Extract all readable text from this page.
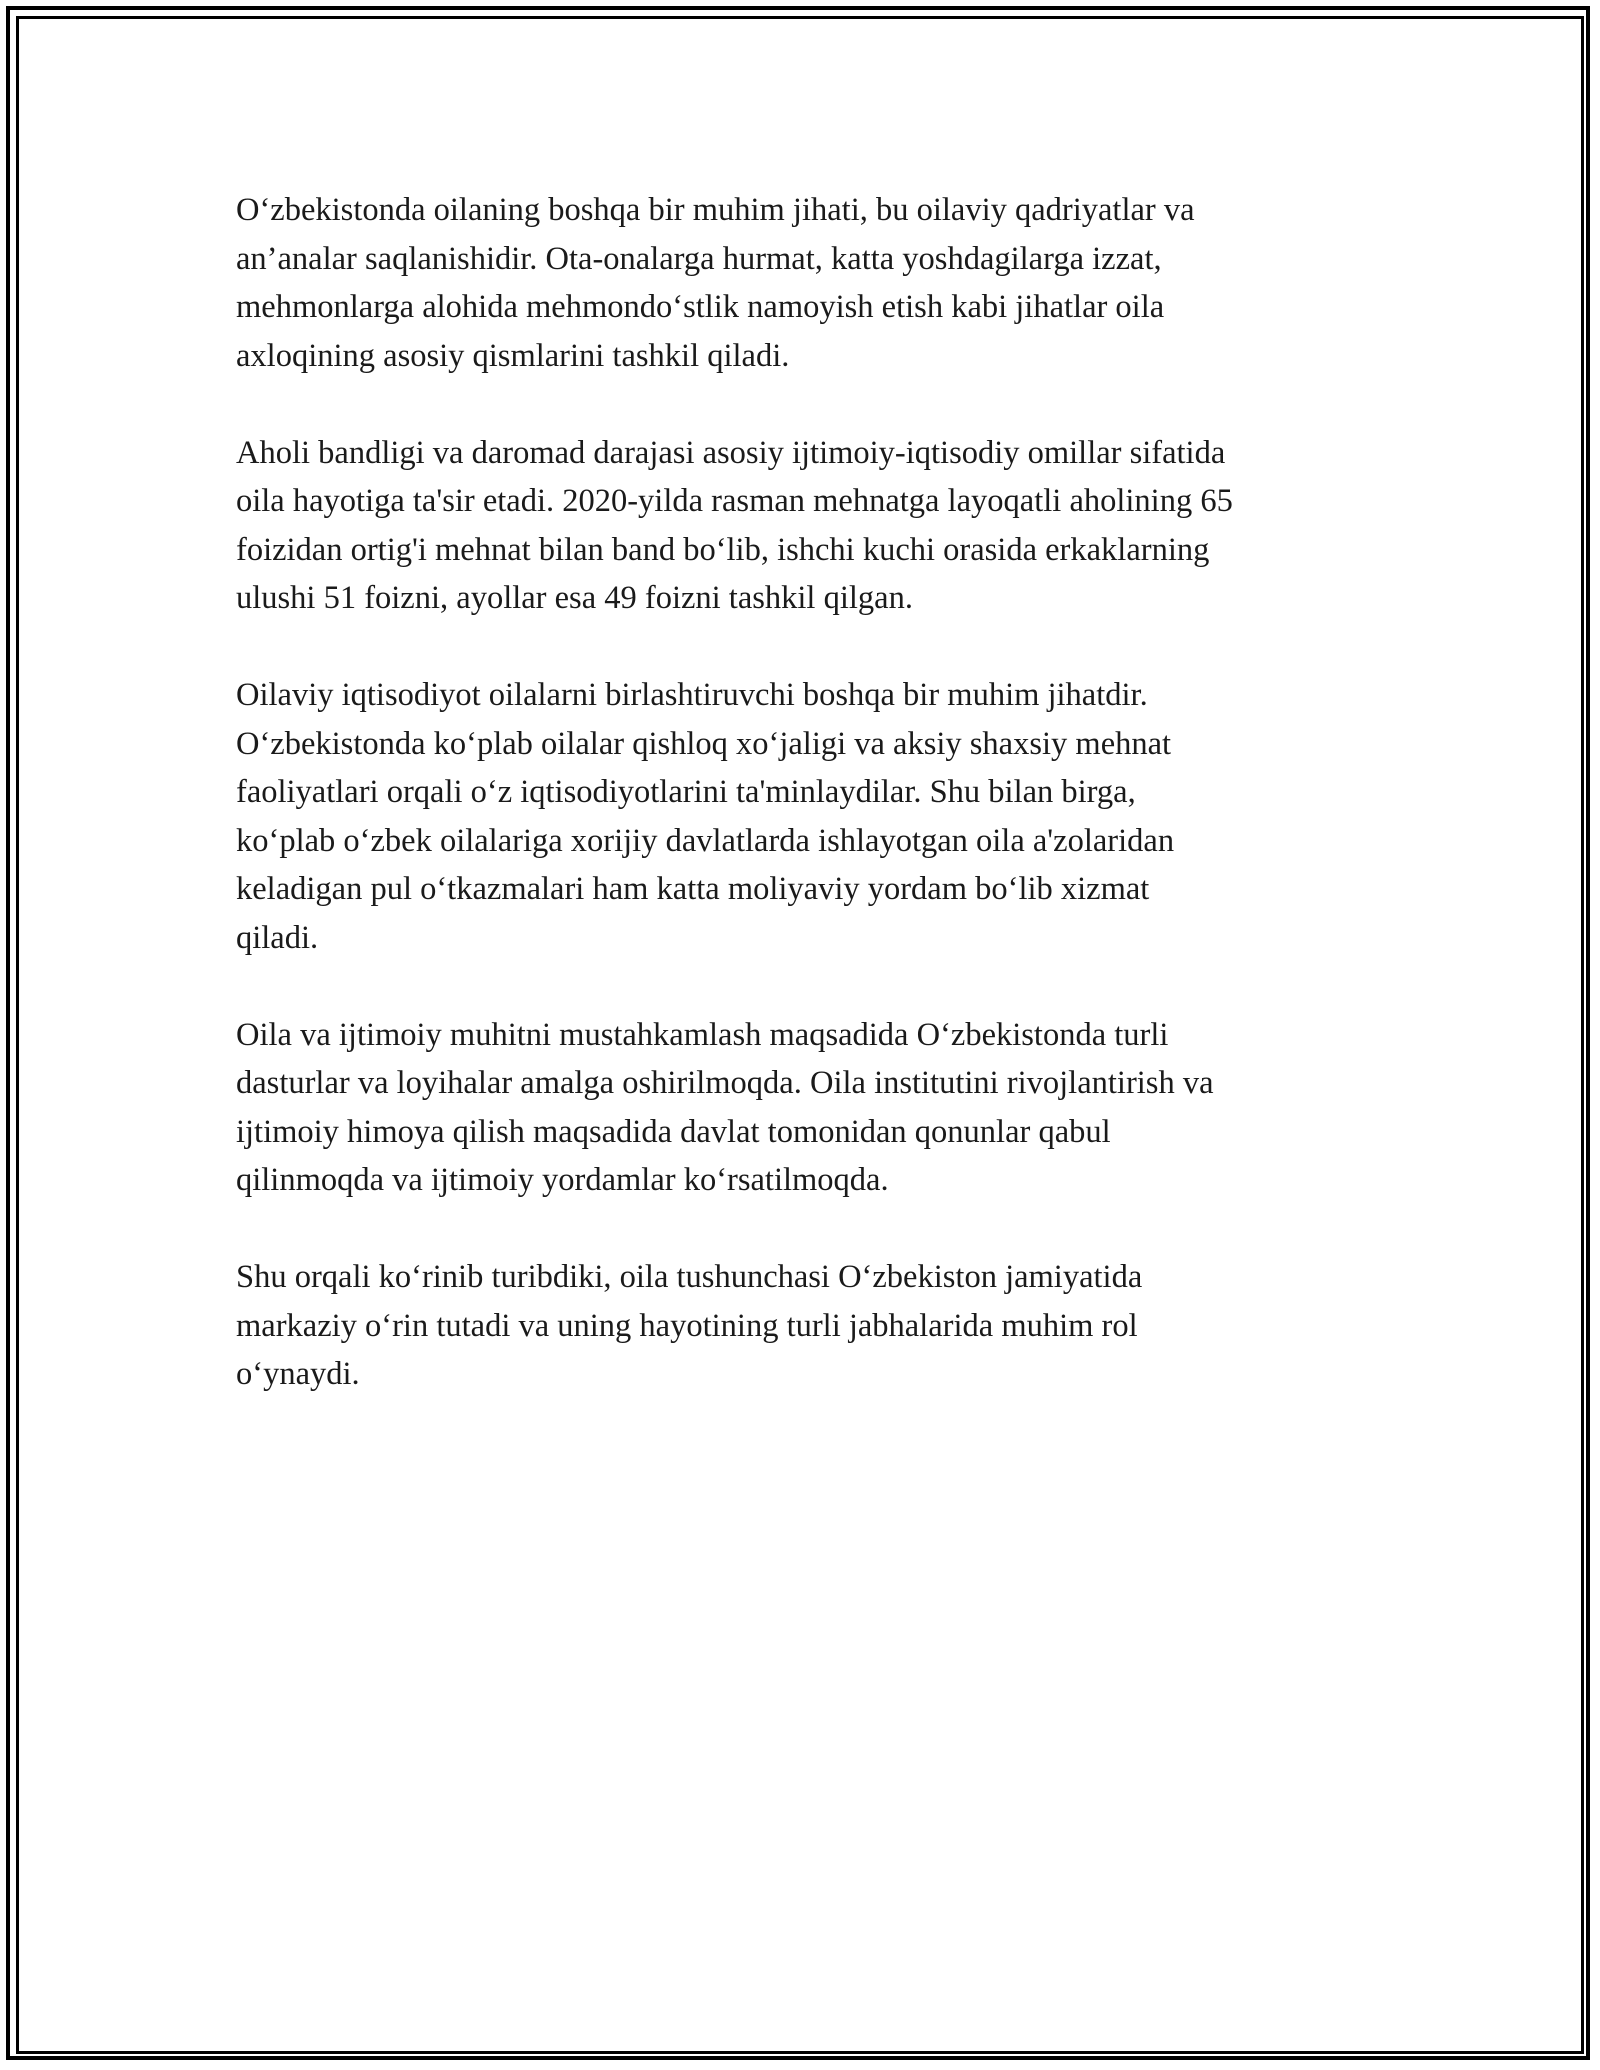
O‘zbekistonda oilaning boshqa bir muhim jihati, bu oilaviy qadriyatlar va
an’analar saqlanishidir. Ota-onalarga hurmat, katta yoshdagilarga izzat,
mehmonlarga alohida mehmondo‘stlik namoyish etish kabi jihatlar oila
axloqining asosiy qismlarini tashkil qiladi.

Aholi bandligi va daromad darajasi asosiy ijtimoiy-iqtisodiy omillar sifatida
oila hayotiga ta'sir etadi. 2020-yilda rasman mehnatga layoqatli aholining 65
foizidan ortig'i mehnat bilan band bo‘lib, ishchi kuchi orasida erkaklarning
ulushi 51 foizni, ayollar esa 49 foizni tashkil qilgan.

Oilaviy iqtisodiyot oilalarni birlashtiruvchi boshqa bir muhim jihatdir.
O‘zbekistonda ko‘plab oilalar qishloq xo‘jaligi va aksiy shaxsiy mehnat
faoliyatlari orqali o‘z iqtisodiyotlarini ta'minlaydilar. Shu bilan birga,
ko‘plab o‘zbek oilalariga xorijiy davlatlarda ishlayotgan oila a'zolaridan
keladigan pul o‘tkazmalari ham katta moliyaviy yordam bo‘lib xizmat
qiladi.

Oila va ijtimoiy muhitni mustahkamlash maqsadida O‘zbekistonda turli
dasturlar va loyihalar amalga oshirilmoqda. Oila institutini rivojlantirish va
ijtimoiy himoya qilish maqsadida davlat tomonidan qonunlar qabul
qilinmoqda va ijtimoiy yordamlar ko‘rsatilmoqda.

Shu orqali ko‘rinib turibdiki, oila tushunchasi O‘zbekiston jamiyatida
markaziy o‘rin tutadi va uning hayotining turli jabhalarida muhim rol
o‘ynaydi.
